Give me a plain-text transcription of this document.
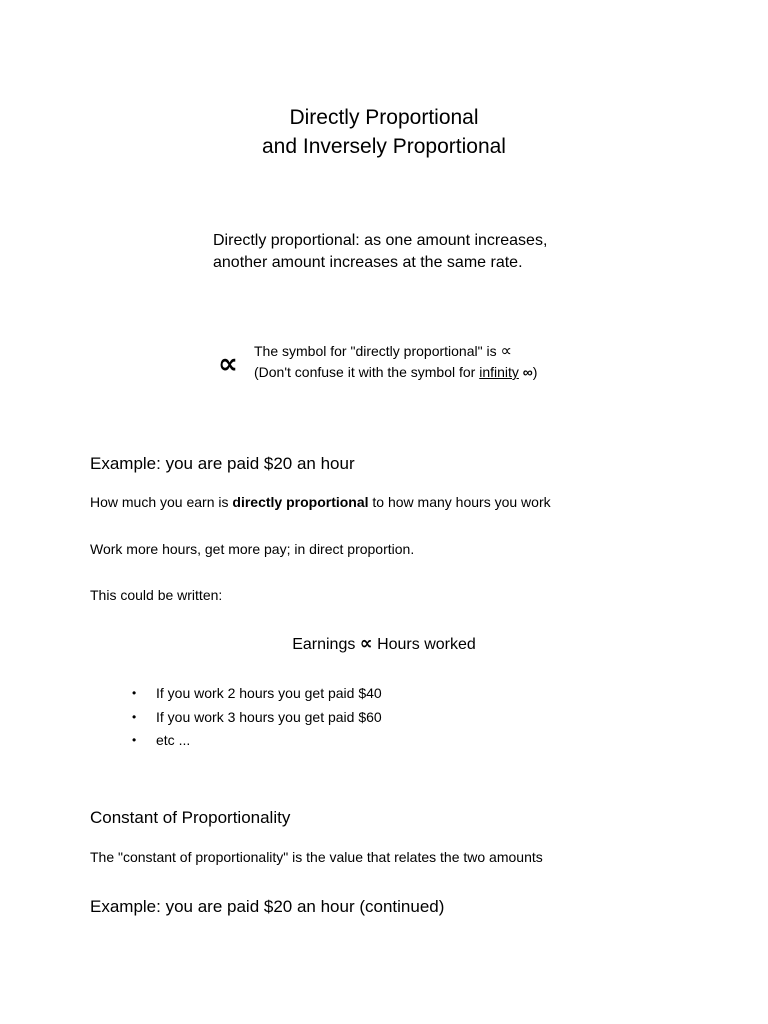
Directly Proportional
and Inversely Proportional
Directly proportional: as one amount increases,
another amount increases at the same rate.
∝ The symbol for "directly proportional" is ∝
(Don't confuse it with the symbol for infinity ∞)
Example: you are paid $20 an hour
How much you earn is directly proportional to how many hours you work
Work more hours, get more pay; in direct proportion.
This could be written:
Earnings ∝ Hours worked
• If you work 2 hours you get paid $40
• If you work 3 hours you get paid $60
• etc ...
Constant of Proportionality
The "constant of proportionality" is the value that relates the two amounts
Example: you are paid $20 an hour (continued)
